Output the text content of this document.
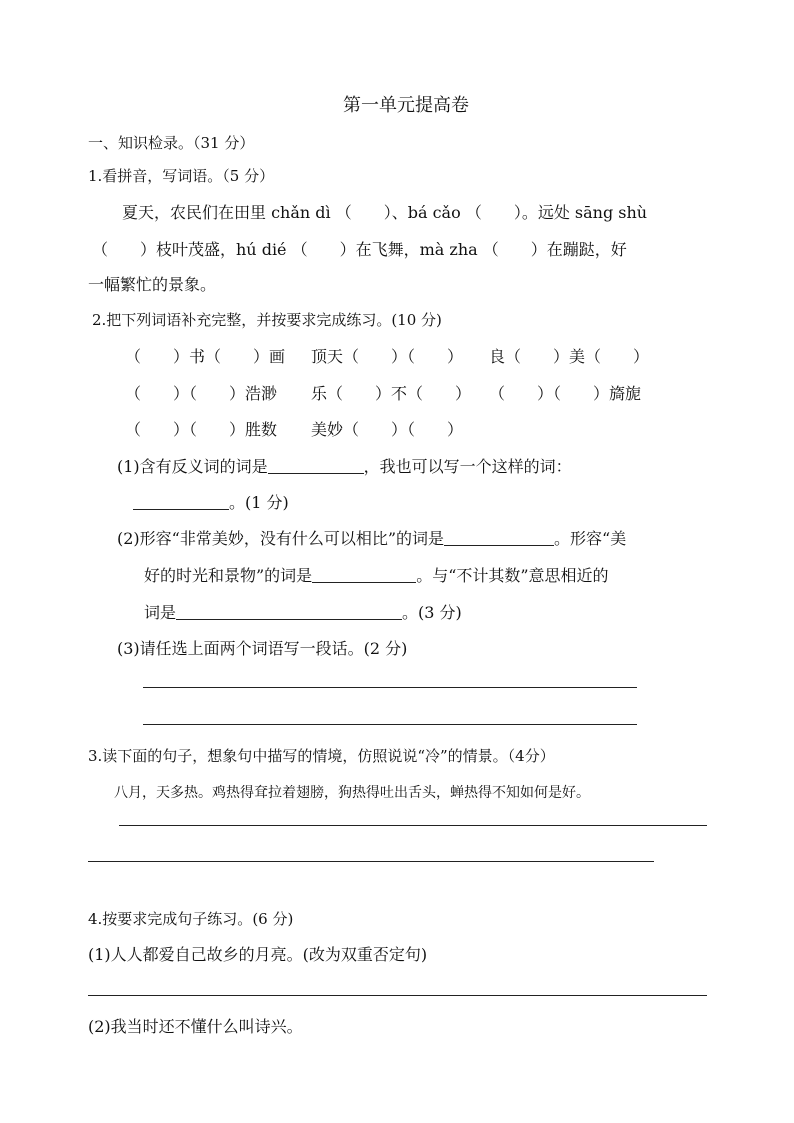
第一单元提高卷
一、知识检录。（31 分）
1.看拼音，写词语。（5 分）
夏天，农民们在田里 chǎn dì （　　）、bá cǎo （　　）。远处 sāng shù
（　　）枝叶茂盛，hú dié （　　）在飞舞，mà zha （　　）在蹦跶，好
一幅繁忙的景象。
2.把下列词语补充完整，并按要求完成练习。(10 分)
（　　）书（　　）画 顶天（　　）（　　） 良（　　）美（　　）
（　　）（　　）浩渺 乐（　　）不（　　） （　　）（　　）旖旎
（　　）（　　）胜数 美妙（　　）（　　）
(1)含有反义词的词是	，我也可以写一个这样的词：
。(1 分)
(2)形容“非常美妙，没有什么可以相比”的词是	。形容“美
好的时光和景物”的词是	。与“不计其数”意思相近的
词是	。(3 分)
(3)请任选上面两个词语写一段话。(2 分)
3.读下面的句子，想象句中描写的情境，仿照说说“冷”的情景。（4分）
八月，天多热。鸡热得耷拉着翅膀，狗热得吐出舌头，蝉热得不知如何是好。
4.按要求完成句子练习。(6 分)
(1)人人都爱自己故乡的月亮。(改为双重否定句)
(2)我当时还不懂什么叫诗兴。
